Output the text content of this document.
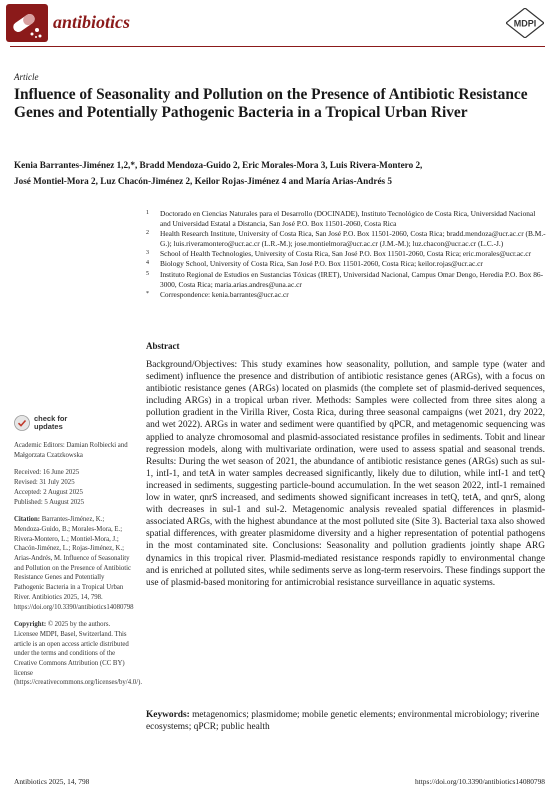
antibiotics	MDPI
Article
Influence of Seasonality and Pollution on the Presence of Antibiotic Resistance Genes and Potentially Pathogenic Bacteria in a Tropical Urban River
Kenia Barrantes-Jiménez 1,2,*, Bradd Mendoza-Guido 2, Eric Morales-Mora 3, Luis Rivera-Montero 2,
José Montiel-Mora 2, Luz Chacón-Jiménez 2, Keilor Rojas-Jiménez 4 and María Arias-Andrés 5
1 Doctorado en Ciencias Naturales para el Desarrollo (DOCINADE), Instituto Tecnológico de Costa Rica, Universidad Nacional and Universidad Estatal a Distancia, San José P.O. Box 11501-2060, Costa Rica
2 Health Research Institute, University of Costa Rica, San José P.O. Box 11501-2060, Costa Rica; bradd.mendoza@ucr.ac.cr (B.M.-G.); luis.riveramontero@ucr.ac.cr (L.R.-M.); jose.montielmora@ucr.ac.cr (J.M.-M.); luz.chacon@ucr.ac.cr (L.C.-J.)
3 School of Health Technologies, University of Costa Rica, San José P.O. Box 11501-2060, Costa Rica; eric.morales@ucr.ac.cr
4 Biology School, University of Costa Rica, San José P.O. Box 11501-2060, Costa Rica; keilor.rojas@ucr.ac.cr
5 Instituto Regional de Estudios en Sustancias Tóxicas (IRET), Universidad Nacional, Campus Omar Dengo, Heredia P.O. Box 86-3000, Costa Rica; maria.arias.andres@una.ac.cr
* Correspondence: kenia.barrantes@ucr.ac.cr
Abstract
Background/Objectives: This study examines how seasonality, pollution, and sample type (water and sediment) influence the presence and distribution of antibiotic resistance genes (ARGs), with a focus on antibiotic resistance genes (ARGs) located on plasmids (the complete set of plasmid-derived sequences, including ARGs) in a tropical urban river. Methods: Samples were collected from three sites along a pollution gradient in the Virilla River, Costa Rica, during three seasonal campaigns (wet 2021, dry 2022, and wet 2022). ARGs in water and sediment were quantified by qPCR, and metagenomic sequencing was applied to analyze chromosomal and plasmid-associated resistance profiles in sediments. Tobit and linear regression models, along with multivariate ordination, were used to assess spatial and seasonal trends. Results: During the wet season of 2021, the abundance of antibiotic resistance genes (ARGs) such as sul-1, intI-1, and tetA in water samples decreased significantly, likely due to dilution, while intI-1 and tetQ increased in sediments, suggesting particle-bound accumulation. In the wet season 2022, intI-1 remained low in water, qnrS increased, and sediments showed significant increases in tetQ, tetA, and qnrS, along with decreases in sul-1 and sul-2. Metagenomic analysis revealed spatial differences in plasmid-associated ARGs, with the highest abundance at the most polluted site (Site 3). Bacterial taxa also showed spatial differences, with greater plasmidome diversity and a higher representation of potential pathogens in the most contaminated site. Conclusions: Seasonality and pollution gradients jointly shape ARG dynamics in this tropical river. Plasmid-mediated resistance responds rapidly to environmental change and is enriched at polluted sites, while sediments serve as long-term reservoirs. These findings support the use of plasmid-based monitoring for antimicrobial resistance surveillance in aquatic systems.
Keywords: metagenomics; plasmidome; mobile genetic elements; environmental microbiology; riverine ecosystems; qPCR; public health
check for
updates
Academic Editors: Damian Rolbiecki and Małgorzata Czatzkowska
Received: 16 June 2025
Revised: 31 July 2025
Accepted: 2 August 2025
Published: 5 August 2025
Citation: Barrantes-Jiménez, K.; Mendoza-Guido, B.; Morales-Mora, E.; Rivera-Montero, L.; Montiel-Mora, J.; Chacón-Jiménez, L.; Rojas-Jiménez, K.; Arias-Andrés, M. Influence of Seasonality and Pollution on the Presence of Antibiotic Resistance Genes and Potentially Pathogenic Bacteria in a Tropical Urban River. Antibiotics 2025, 14, 798. https://doi.org/10.3390/antibiotics14080798
Copyright: © 2025 by the authors. Licensee MDPI, Basel, Switzerland. This article is an open access article distributed under the terms and conditions of the Creative Commons Attribution (CC BY) license (https://creativecommons.org/licenses/by/4.0/).
Antibiotics 2025, 14, 798	https://doi.org/10.3390/antibiotics14080798
